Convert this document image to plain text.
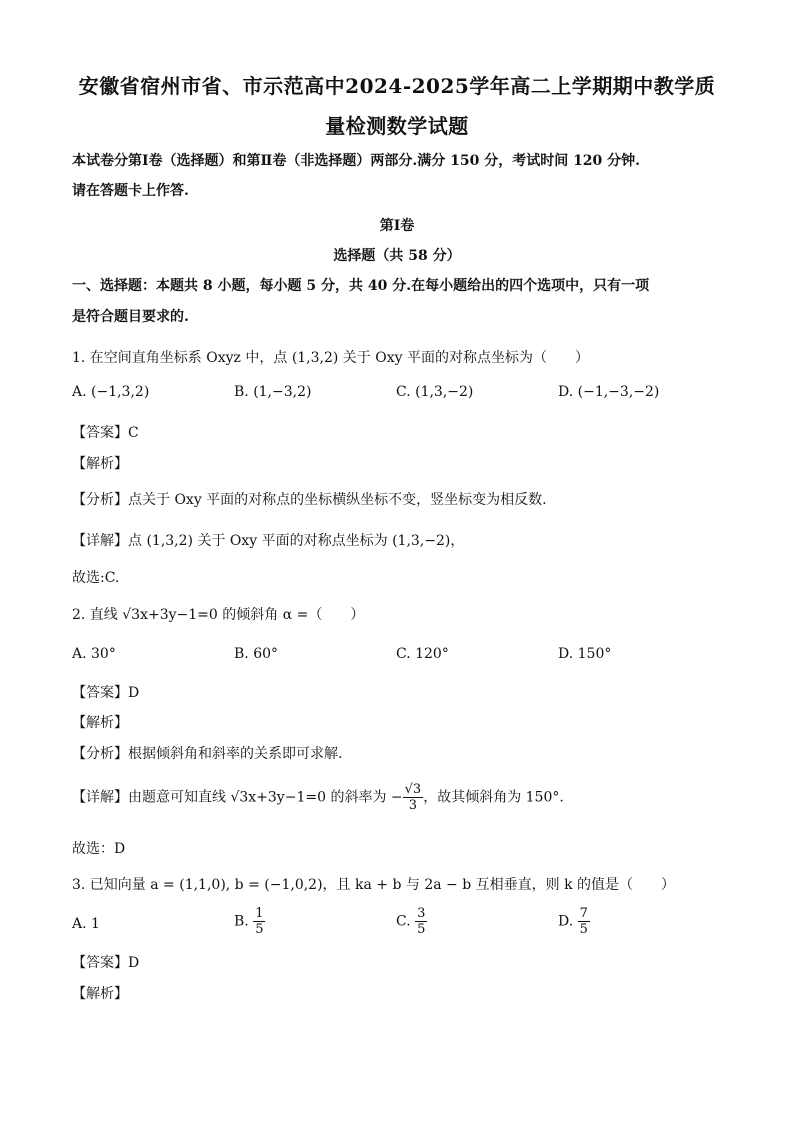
安徽省宿州市省、市示范高中2024-2025学年高二上学期期中教学质
量检测数学试题
本试卷分第Ⅰ卷（选择题）和第Ⅱ卷（非选择题）两部分.满分 150 分，考试时间 120 分钟.
请在答题卡上作答.
第Ⅰ卷
选择题（共 58 分）
一、选择题：本题共 8 小题，每小题 5 分，共 40 分.在每小题给出的四个选项中，只有一项
是符合题目要求的.
1. 在空间直角坐标系 Oxyz 中，点 (1,3,2) 关于 Oxy 平面的对称点坐标为（　　）
A. (−1,3,2)	B. (1,−3,2)	C. (1,3,−2)	D. (−1,−3,−2)
【答案】C
【解析】
【分析】点关于 Oxy 平面的对称点的坐标横纵坐标不变，竖坐标变为相反数.
【详解】点 (1,3,2) 关于 Oxy 平面的对称点坐标为 (1,3,−2)，
故选:C.
2. 直线 √3x+3y−1=0 的倾斜角 α =（　　）
A. 30°	B. 60°	C. 120°	D. 150°
【答案】D
【解析】
【分析】根据倾斜角和斜率的关系即可求解.
【详解】由题意可知直线 √3x+3y−1=0 的斜率为 − $\frac{√3}{3}$ ，故其倾斜角为 150°.
故选：D
3. 已知向量 a = (1,1,0), b = (−1,0,2)，且 ka + b 与 2a − b 互相垂直，则 k 的值是（　　）
A. 1	B. $\frac{1}{5}$	C. $\frac{3}{5}$	D. $\frac{7}{5}$
【答案】D
【解析】
